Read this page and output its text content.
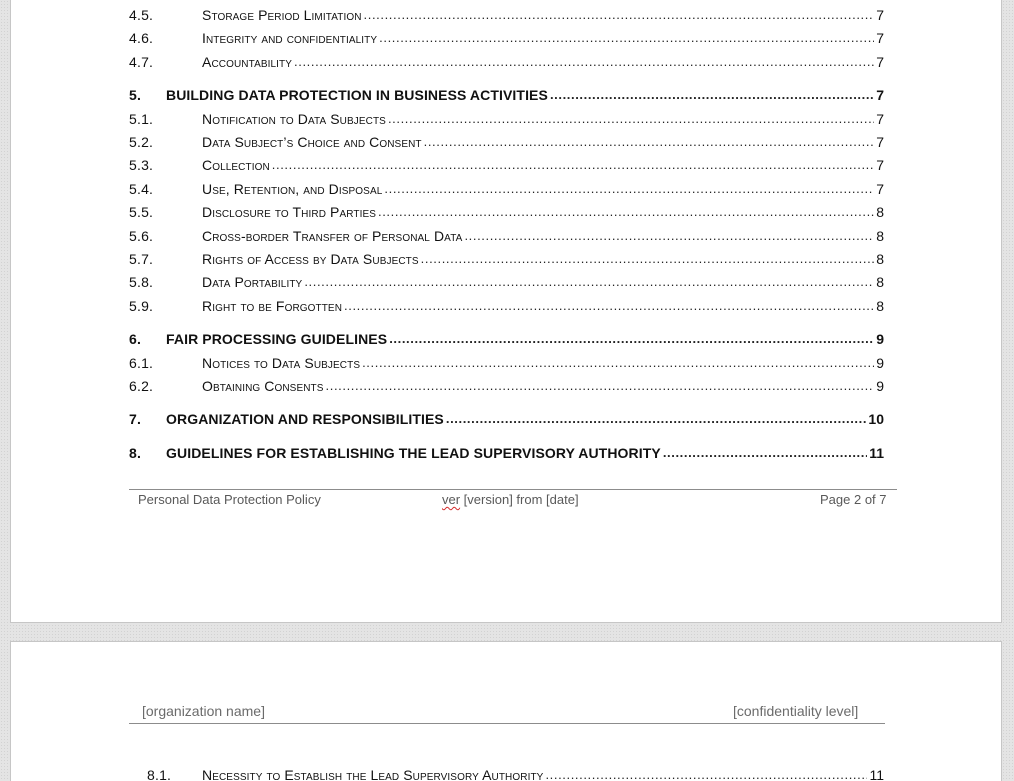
4.5.	Storage Period Limitation .....	7
4.6.	Integrity and confidentiality .....	7
4.7.	Accountability .....	7
5.	BUILDING DATA PROTECTION IN BUSINESS ACTIVITIES .....	7
5.1.	Notification to Data Subjects .....	7
5.2.	Data Subject’s Choice and Consent .....	7
5.3.	Collection .....	7
5.4.	Use, Retention, and Disposal .....	7
5.5.	Disclosure to Third Parties .....	8
5.6.	Cross-border Transfer of Personal Data .....	8
5.7.	Rights of Access by Data Subjects .....	8
5.8.	Data Portability .....	8
5.9.	Right to be Forgotten .....	8
6.	FAIR PROCESSING GUIDELINES .....	9
6.1.	Notices to Data Subjects .....	9
6.2.	Obtaining Consents .....	9
7.	ORGANIZATION AND RESPONSIBILITIES .....	10
8.	GUIDELINES FOR ESTABLISHING THE LEAD SUPERVISORY AUTHORITY .....	11
Personal Data Protection Policy	ver [version] from [date]	Page 2 of 7
[organization name]	[confidentiality level]
8.1.	Necessity to Establish the Lead Supervisory Authority .....	11
